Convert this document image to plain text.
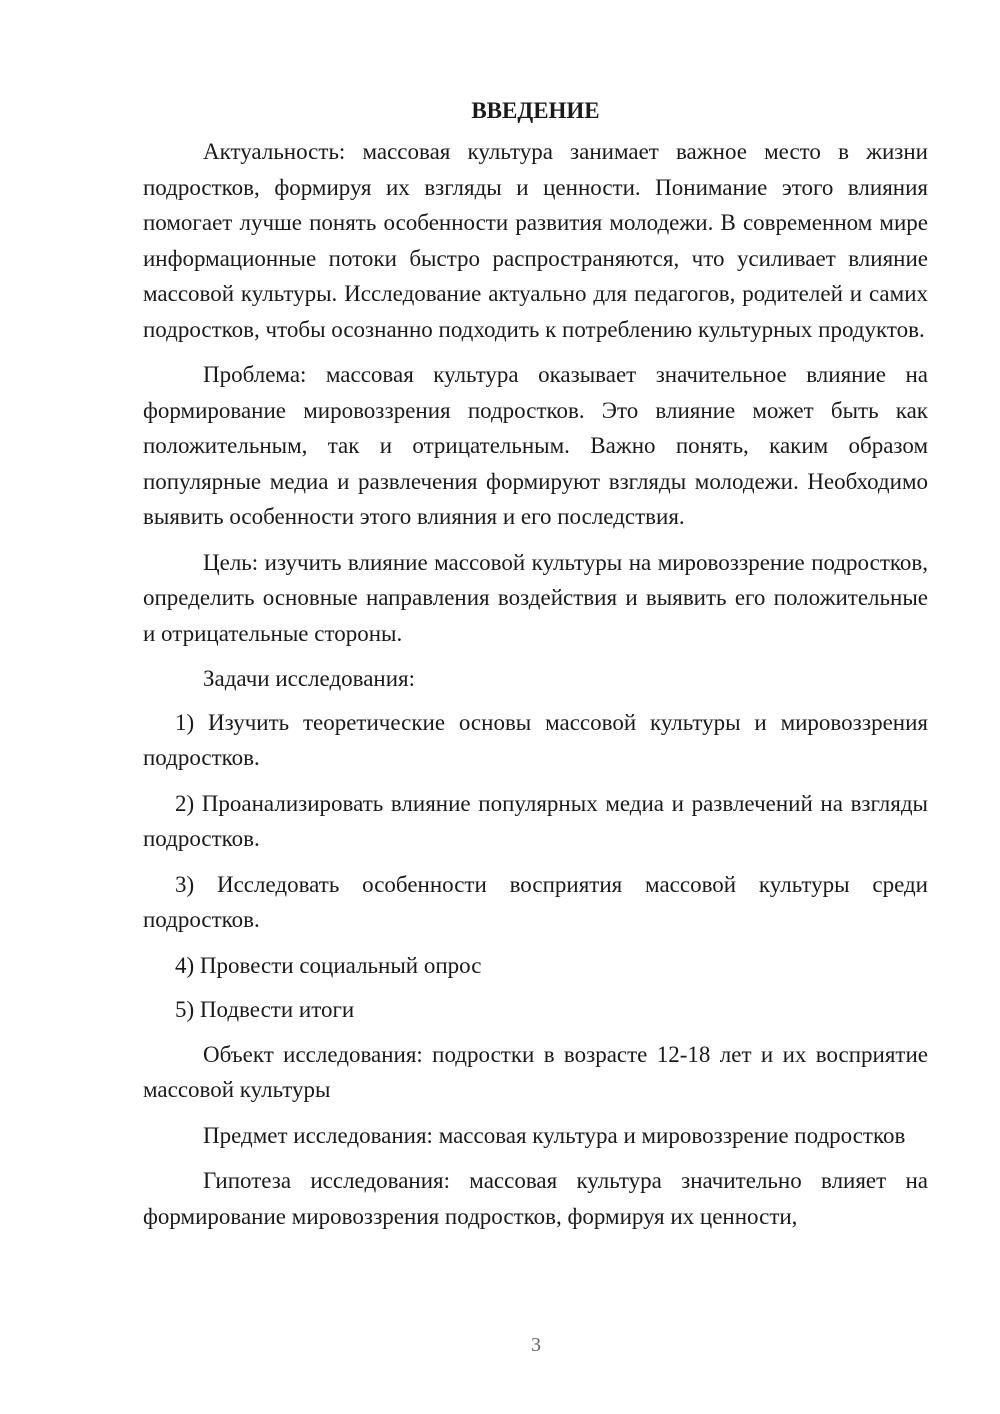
ВВЕДЕНИЕ

Актуальность: массовая культура занимает важное место в жизни подростков, формируя их взгляды и ценности. Понимание этого влияния помогает лучше понять особенности развития молодежи. В современном мире информационные потоки быстро распространяются, что усиливает влияние массовой культуры. Исследование актуально для педагогов, родителей и самих подростков, чтобы осознанно подходить к потреблению культурных продуктов.

Проблема: массовая культура оказывает значительное влияние на формирование мировоззрения подростков. Это влияние может быть как положительным, так и отрицательным. Важно понять, каким образом популярные медиа и развлечения формируют взгляды молодежи. Необходимо выявить особенности этого влияния и его последствия.

Цель: изучить влияние массовой культуры на мировоззрение подростков, определить основные направления воздействия и выявить его положительные и отрицательные стороны.

Задачи исследования:

1) Изучить теоретические основы массовой культуры и мировоззрения подростков.

2) Проанализировать влияние популярных медиа и развлечений на взгляды подростков.

3) Исследовать особенности восприятия массовой культуры среди подростков.

4) Провести социальный опрос

5) Подвести итоги

Объект исследования: подростки в возрасте 12-18 лет и их восприятие массовой культуры

Предмет исследования: массовая культура и мировоззрение подростков

Гипотеза исследования: массовая культура значительно влияет на формирование мировоззрения подростков, формируя их ценности,

3
